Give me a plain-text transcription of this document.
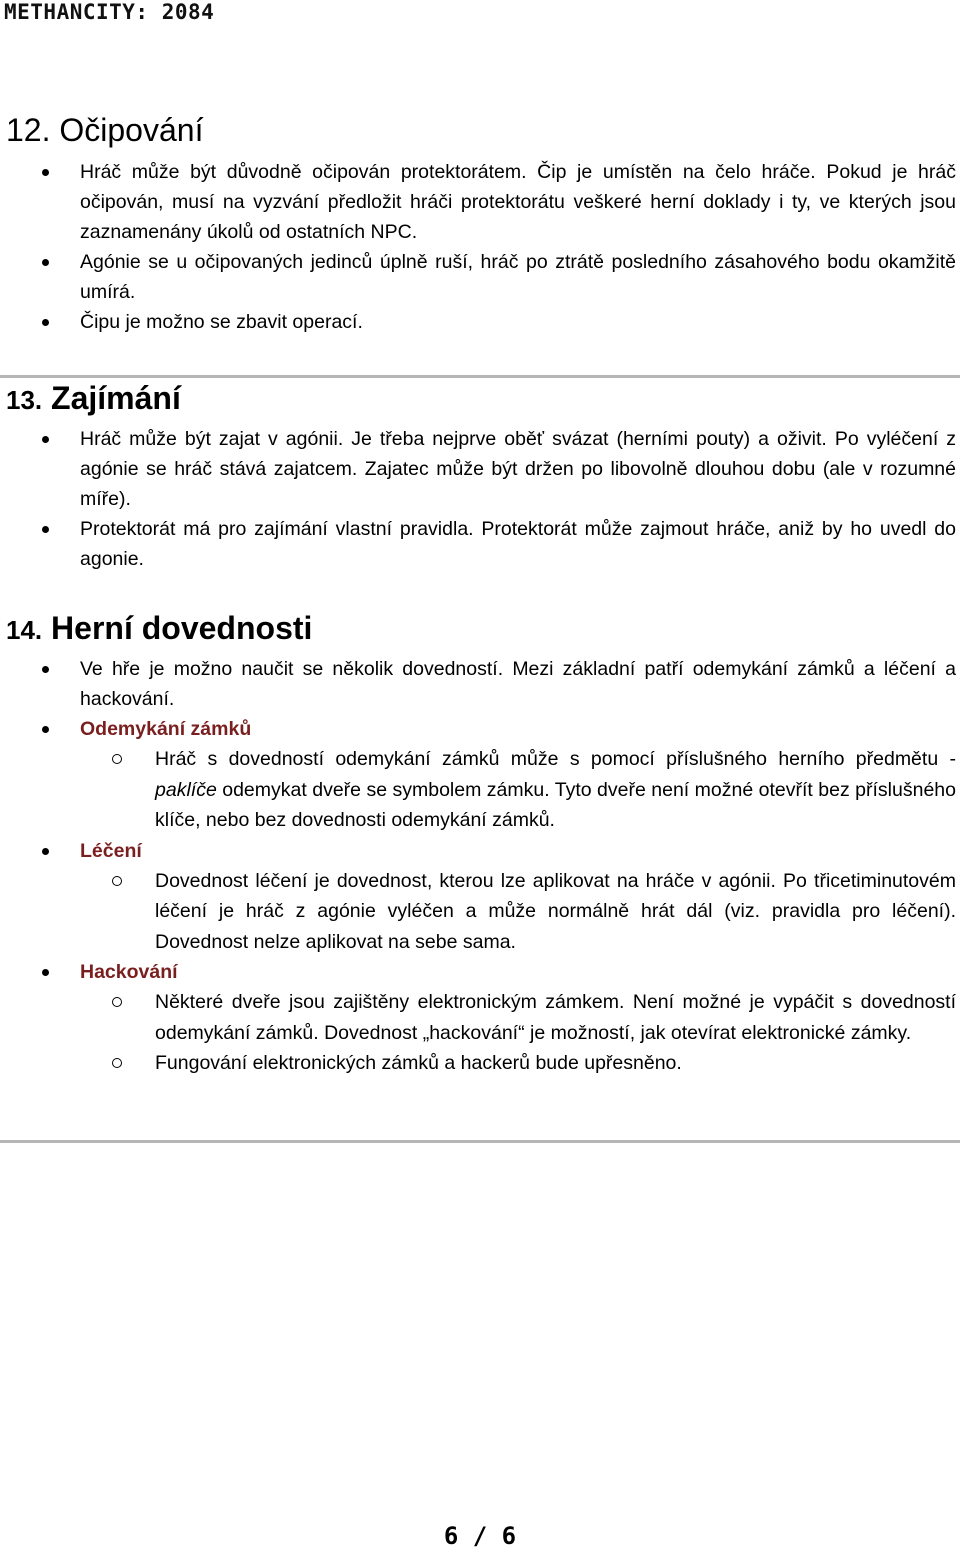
METHANCITY: 2084
12. Očipování
Hráč může být důvodně očipován protektorátem. Čip je umístěn na čelo hráče. Pokud je hráč očipován, musí na vyzvání předložit hráči protektorátu veškeré herní doklady i ty, ve kterých jsou zaznamenány úkolů od ostatních NPC.
Agónie se u očipovaných jedinců úplně ruší, hráč po ztrátě posledního zásahového bodu okamžitě umírá.
Čipu je možno se zbavit operací.
13. Zajímání
Hráč může být zajat v agónii. Je třeba nejprve oběť svázat (herními pouty) a oživit. Po vyléčení z agónie se hráč stává zajatcem. Zajatec může být držen po libovolně dlouhou dobu (ale v rozumné míře).
Protektorát má pro zajímání vlastní pravidla. Protektorát může zajmout hráče, aniž by ho uvedl do agonie.
14. Herní dovednosti
Ve hře je možno naučit se několik dovedností. Mezi základní patří odemykání zámků a léčení a hackování.
Odemykání zámků
Hráč s dovedností odemykání zámků může s pomocí příslušného herního předmětu - paklíče odemykat dveře se symbolem zámku. Tyto dveře není možné otevřít bez příslušného klíče, nebo bez dovednosti odemykání zámků.
Léčení
Dovednost léčení je dovednost, kterou lze aplikovat na hráče v agónii. Po třicetiminutovém léčení je hráč z agónie vyléčen a může normálně hrát dál (viz. pravidla pro léčení). Dovednost nelze aplikovat na sebe sama.
Hackování
Některé dveře jsou zajištěny elektronickým zámkem. Není možné je vypáčit s dovedností odemykání zámků. Dovednost „hackování“ je možností, jak otevírat elektronické zámky.
Fungování elektronických zámků a hackerů bude upřesněno.
6 / 6
